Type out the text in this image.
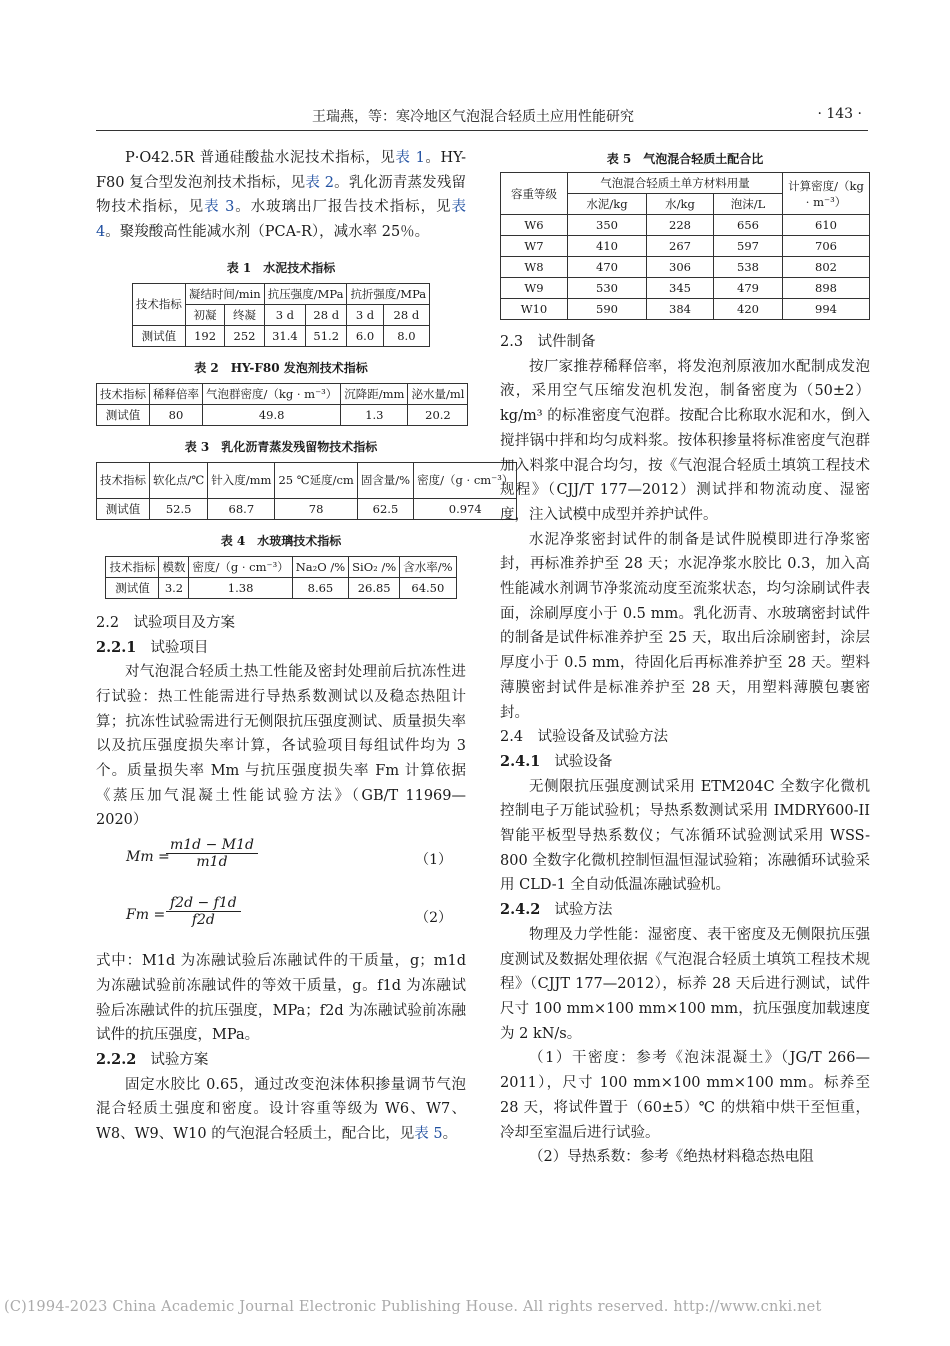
王瑞燕，等：寒冷地区气泡混合轻质土应用性能研究	· 143 ·

P·O42.5R 普通硅酸盐水泥技术指标，见表 1。HY-F80 复合型发泡剂技术指标，见表 2。乳化沥青蒸发残留物技术指标，见表 3。水玻璃出厂报告技术指标，见表 4。聚羧酸高性能减水剂（PCA-R），减水率 25％。

表 1　水泥技术指标

技术指标	凝结时间/min		抗压强度/MPa		抗折强度/MPa	
	初凝	终凝	3 d	28 d	3 d	28 d
测试值	192	252	31.4	51.2	6.0	8.0

表 2　HY-F80 发泡剂技术指标

技术指标	稀释倍率	气泡群密度/（kg · m⁻³）	沉降距/mm	泌水量/ml
测试值	80	49.8	1.3	20.2

表 3　乳化沥青蒸发残留物技术指标

技术指标	软化点/℃	针入度/mm	25 ℃延度/cm	固含量/%	密度/（g · cm⁻³）
测试值	52.5	68.7	78	62.5	0.974

表 4　水玻璃技术指标

技术指标	模数	密度/（g · cm⁻³）	Na₂O /%	SiO₂ /%	含水率/%
测试值	3.2	1.38	8.65	26.85	64.50
2.2　试验项目及方案
2.2.1 试验项目

对气泡混合轻质土热工性能及密封处理前后抗冻性进行试验：热工性能需进行导热系数测试以及稳态热阻计算；抗冻性试验需进行无侧限抗压强度测试、质量损失率以及抗压强度损失率计算，各试验项目每组试件均为 3 个。质量损失率 Mm 与抗压强度损失率 Fm 计算依据《蒸压加气混凝土性能试验方法》（GB/T 11969—2020）

Mm =
$\frac{m1d - M1d}{m1d}$	（1）
$Fm = \frac{f2d - f1d}{f2d}$	（2）

式中：M1d 为冻融试验后冻融试件的干质量，g；m1d 为冻融试验前冻融试件的等效干质量，g。f1d 为冻融试验后冻融试件的抗压强度，MPa；f2d 为冻融试验前冻融试件的抗压强度，MPa。

2.2.2 试验方案

固定水胶比 0.65，通过改变泡沫体积掺量调节气泡混合轻质土强度和密度。设计容重等级为 W6、W7、W8、W9、W10 的气泡混合轻质土，配合比，见表 5。

表 5　气泡混合轻质土配合比

容重等级	气泡混合轻质土单方材料用量			计算密度/（kg · m⁻³）
	水泥/kg	水/kg	泡沫/L	
W6	350	228	656	610
W7	410	267	597	706
W8	470	306	538	802
W9	530	345	479	898
W10	590	384	420	994
2.3　试件制备

按厂家推荐稀释倍率，将发泡剂原液加水配制成发泡液，采用空气压缩发泡机发泡，制备密度为（50±2）kg/m³ 的标准密度气泡群。按配合比称取水泥和水，倒入搅拌锅中拌和均匀成料浆。按体积掺量将标准密度气泡群加入料浆中混合均匀，按《气泡混合轻质土填筑工程技术规程》（CJJ/T 177—2012）测试拌和物流动度、湿密度，注入试模中成型并养护试件。

水泥净浆密封试件的制备是试件脱模即进行净浆密封，再标准养护至 28 天；水泥净浆水胶比 0.3，加入高性能减水剂调节净浆流动度至流浆状态，均匀涂刷试件表面，涂刷厚度小于 0.5 mm。乳化沥青、水玻璃密封试件的制备是试件标准养护至 25 天，取出后涂刷密封，涂层厚度小于 0.5 mm，待固化后再标准养护至 28 天。塑料薄膜密封试件是标准养护至 28 天，用塑料薄膜包裹密封。

2.4　试验设备及试验方法
2.4.1 试验设备

无侧限抗压强度测试采用 ETM204C 全数字化微机控制电子万能试验机；导热系数测试采用 IMDRY600-II 智能平板型导热系数仪；气冻循环试验测试采用 WSS-800 全数字化微机控制恒温恒湿试验箱；冻融循环试验采用 CLD-1 全自动低温冻融试验机。

2.4.2 试验方法

物理及力学性能：湿密度、表干密度及无侧限抗压强度测试及数据处理依据《气泡混合轻质土填筑工程技术规程》（CJJT 177—2012），标养 28 天后进行测试，试件尺寸 100 mm×100 mm×100 mm，抗压强度加载速度为 2 kN/s。

（1）干密度：参考《泡沫混凝土》（JG/T 266—2011），尺寸 100 mm×100 mm×100 mm。标养至 28 天，将试件置于（60±5）℃ 的烘箱中烘干至恒重，冷却至室温后进行试验。

（2）导热系数：参考《绝热材料稳态热电阻

(C)1994-2023 China Academic Journal Electronic Publishing House. All rights reserved. http://www.cnki.net
